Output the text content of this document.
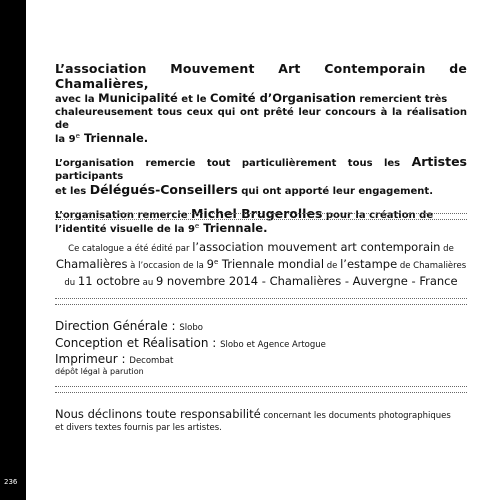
236

L’association Mouvement Art Contemporain de Chamalières,
avec la Municipalité et le Comité d’Organisation remercient très
chaleureusement tous ceux qui ont prêté leur concours à la réalisation de
la 9e Triennale.

L’organisation remercie tout particulièrement tous les Artistes participants
et les Délégués-Conseillers qui ont apporté leur engagement.

L’organisation remercie Michel Brugerolles pour la création de
l’identité visuelle de la 9e Triennale.

Ce catalogue a été édité par l’association mouvement art contemporain de
Chamalières à l’occasion de la 9e Triennale mondial de l’estampe de Chamalières
du 11 octobre au 9 novembre 2014 - Chamalières - Auvergne - France

Direction Générale : Slobo

Conception et Réalisation : Slobo et Agence Artogue

Imprimeur : Decombat

dépôt légal à parution

Nous déclinons toute responsabilité concernant les documents photographiques
et divers textes fournis par les artistes.
